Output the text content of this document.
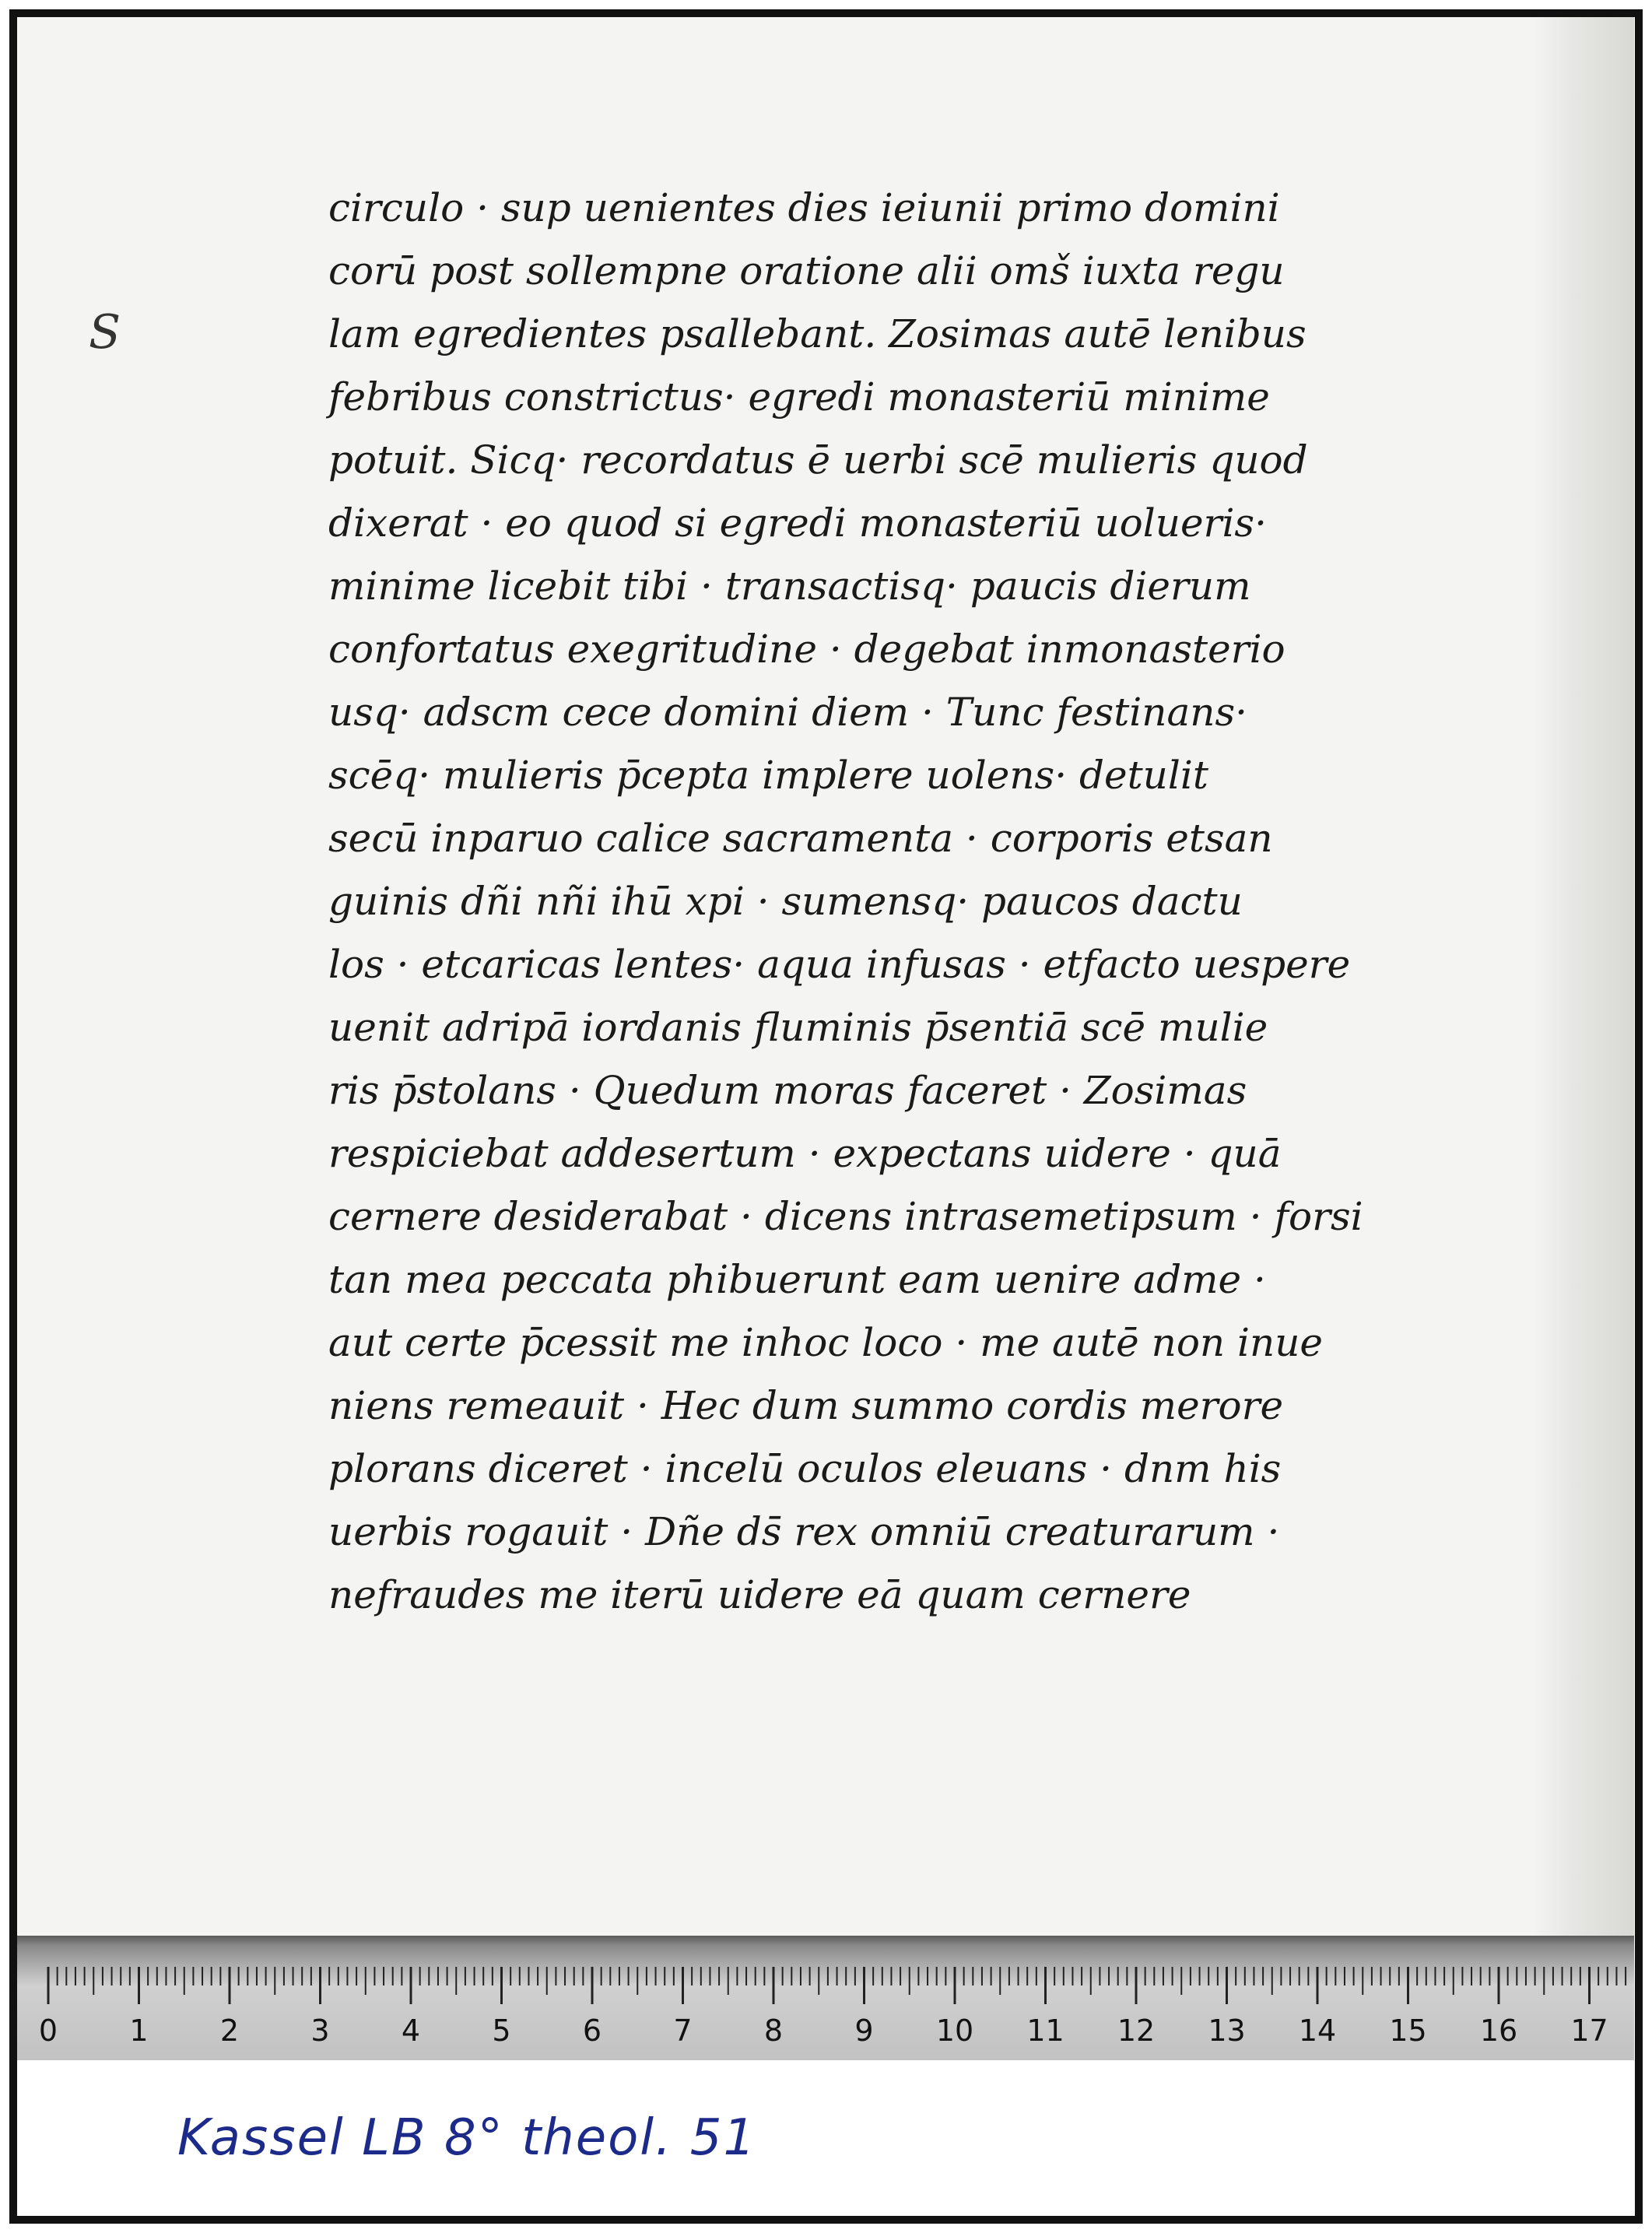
S
circulo · sup uenientes dies ieiunii primo domini
corū post sollempne oratione alii omš iuxta regu
lam egredientes psallebant. Zosimas autē lenibus
febribus constrictus· egredi monasteriū minime
potuit. Sicq· recordatus ē uerbi scē mulieris quod
dixerat · eo quod si egredi monasteriū uolueris·
minime licebit tibi · transactisq· paucis dierum
confortatus exegritudine · degebat inmonasterio
usq· adscm cece domini diem · Tunc festinans·
scēq· mulieris p̄cepta implere uolens· detulit
secū inparuo calice sacramenta · corporis etsan
guinis dñi nñi ihū xpi · sumensq· paucos dactu
los · etcaricas lentes· aqua infusas · etfacto uespere
uenit adripā iordanis fluminis p̄sentiā scē mulie
ris p̄stolans · Quedum moras faceret · Zosimas
respiciebat addesertum · expectans uidere · quā
cernere desiderabat · dicens intrasemetipsum · forsi
tan mea peccata phibuerunt eam uenire adme ·
aut certe p̄cessit me inhoc loco · me autē non inue
niens remeauit · Hec dum summo cordis merore
plorans diceret · incelū oculos eleuans · dnm his
uerbis rogauit · Dñe ds̄ rex omniū creaturarum ·
nefraudes me iterū uidere eā quam cernere
0 1 2 3 4 5 6 7 8 9 10 11 12 13 14 15 16 17
Kassel LB 8° theol. 51
